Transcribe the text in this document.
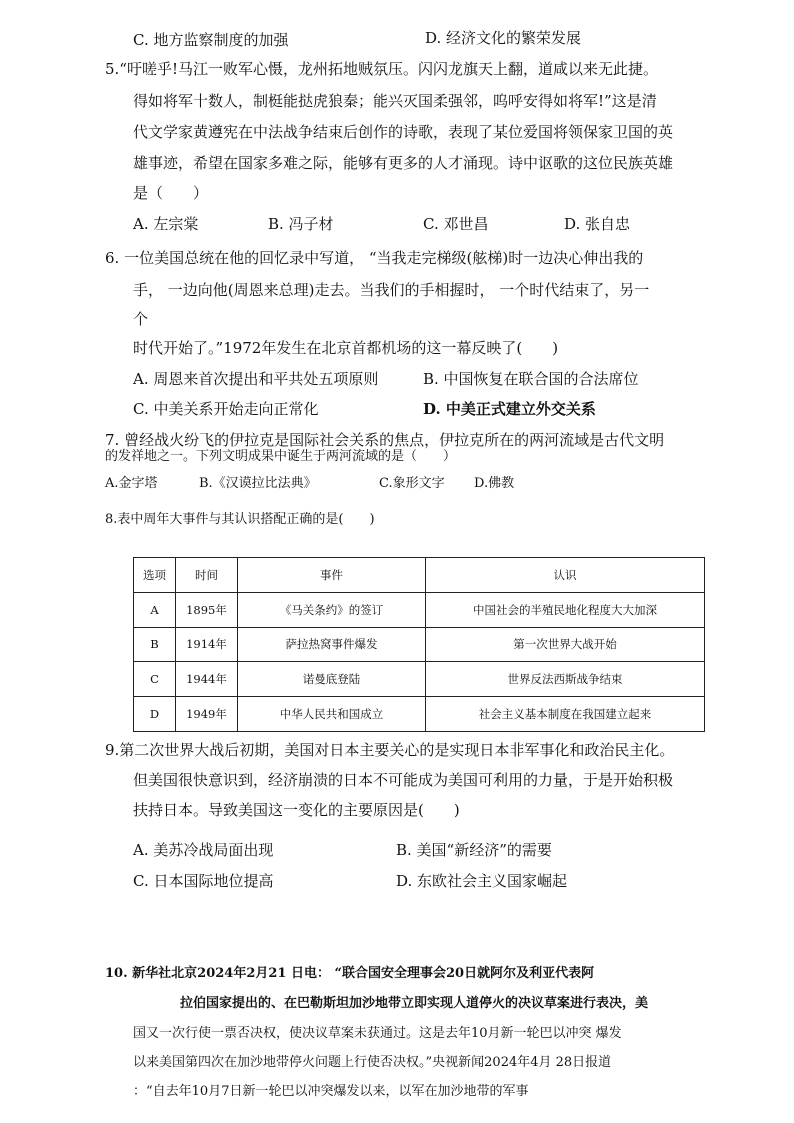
C. 地方监察制度的加强	D. 经济文化的繁荣发展
5.“吁嗟乎!马江一败军心慑，龙州拓地贼氛压。闪闪龙旗天上翻，道咸以来无此捷。
得如将军十数人，制梃能挞虎狼秦；能兴灭国柔强邻，呜呼安得如将军!”这是清
代文学家黄遵宪在中法战争结束后创作的诗歌，表现了某位爱国将领保家卫国的英
雄事迹，希望在国家多难之际，能够有更多的人才涌现。诗中讴歌的这位民族英雄
是（　　）
A. 左宗棠	B. 冯子材	C. 邓世昌	D. 张自忠
6. 一位美国总统在他的回忆录中写道， “当我走完梯级(舷梯)时一边决心伸出我的
手， 一边向他(周恩来总理)走去。当我们的手相握时， 一个时代结束了，另一
个
时代开始了。”1972年发生在北京首都机场的这一幕反映了(　　)
A. 周恩来首次提出和平共处五项原则	B. 中国恢复在联合国的合法席位
C. 中美关系开始走向正常化	D. 中美正式建立外交关系
7. 曾经战火纷飞的伊拉克是国际社会关系的焦点，伊拉克所在的两河流域是古代文明
的发祥地之一。下列文明成果中诞生于两河流域的是（　　）
A.金字塔	B.《汉谟拉比法典》	C.象形文字 D.佛教
8.表中周年大事件与其认识搭配正确的是(　　)
选项	时间	事件	认识
A	1895年	《马关条约》的签订	中国社会的半殖民地化程度大大加深
B	1914年	萨拉热窝事件爆发	第一次世界大战开始
C	1944年	诺曼底登陆	世界反法西斯战争结束
D	1949年	中华人民共和国成立	社会主义基本制度在我国建立起来
9.第二次世界大战后初期，美国对日本主要关心的是实现日本非军事化和政治民主化。
但美国很快意识到，经济崩溃的日本不可能成为美国可利用的力量，于是开始积极
扶持日本。导致美国这一变化的主要原因是(　　)
A. 美苏冷战局面出现	B. 美国“新经济”的需要
C. 日本国际地位提高	D. 东欧社会主义国家崛起
10. 新华社北京2024年2月21 日电： “联合国安全理事会20日就阿尔及利亚代表阿
拉伯国家提出的、在巴勒斯坦加沙地带立即实现人道停火的决议草案进行表决，美
国又一次行使一票否决权，使决议草案未获通过。这是去年10月新一轮巴以冲突 爆发
以来美国第四次在加沙地带停火问题上行使否决权。”央视新闻2024年4月 28日报道
：“自去年10月7日新一轮巴以冲突爆发以来，以军在加沙地带的军事
